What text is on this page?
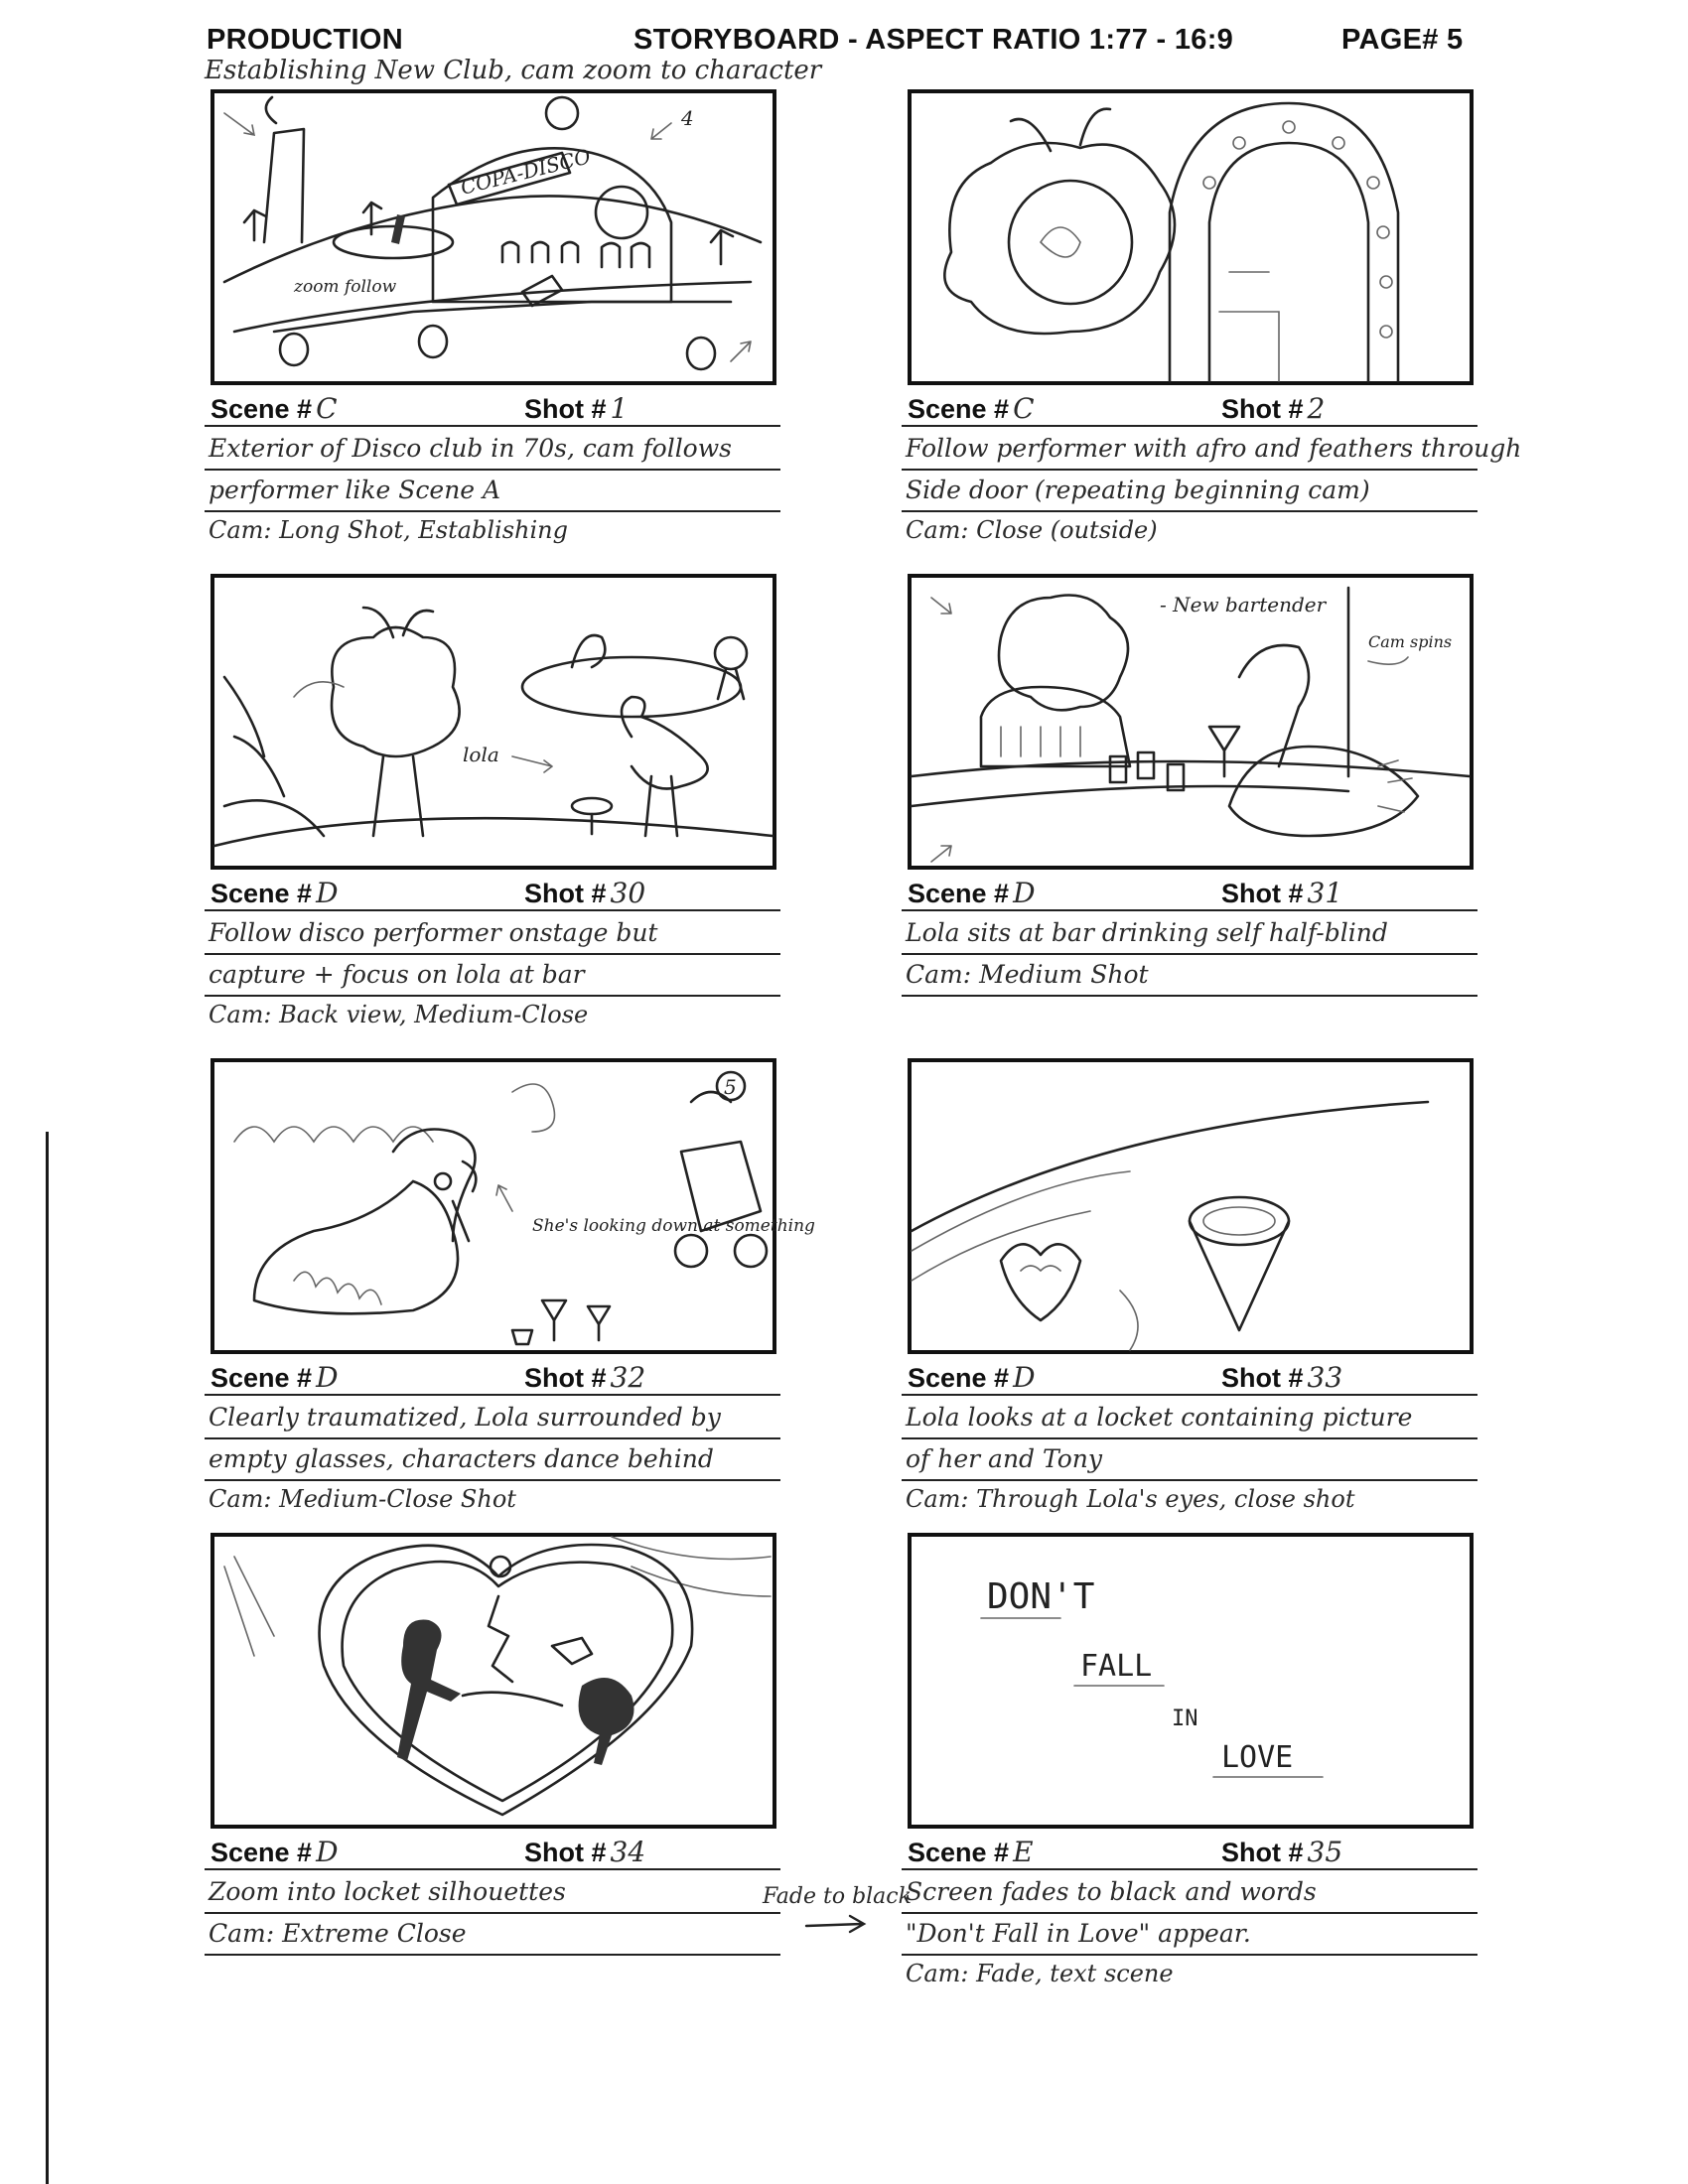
PRODUCTION	STORYBOARD - ASPECT RATIO 1:77 - 16:9	PAGE# 5
Establishing New Club, cam zoom to character
COPA-DISCO
4
zoom follow
Scene # C	Shot # 1
Exterior of Disco club in 70s, cam follows
performer like Scene A
Cam: Long Shot, Establishing
Scene # C	Shot # 2
Follow performer with afro and feathers through
Side door (repeating beginning cam)
Cam: Close (outside)
lola
Scene # D	Shot # 30
Follow disco performer onstage but
capture + focus on lola at bar
Cam: Back view, Medium-Close
- New bartender
Cam spins
Scene # D	Shot # 31
Lola sits at bar drinking self half-blind
Cam: Medium Shot
5
She's looking down at something
Scene # D	Shot # 32
Clearly traumatized, Lola surrounded by
empty glasses, characters dance behind
Cam: Medium-Close Shot
Scene # D	Shot # 33
Lola looks at a locket containing picture
of her and Tony
Cam: Through Lola's eyes, close shot
Scene # D	Shot # 34
Zoom into locket silhouettes
Cam: Extreme Close
DON'T
FALL
IN
LOVE
Scene # E	Shot # 35
Screen fades to black and words
"Don't Fall in Love" appear.
Cam: Fade, text scene
Fade to black
